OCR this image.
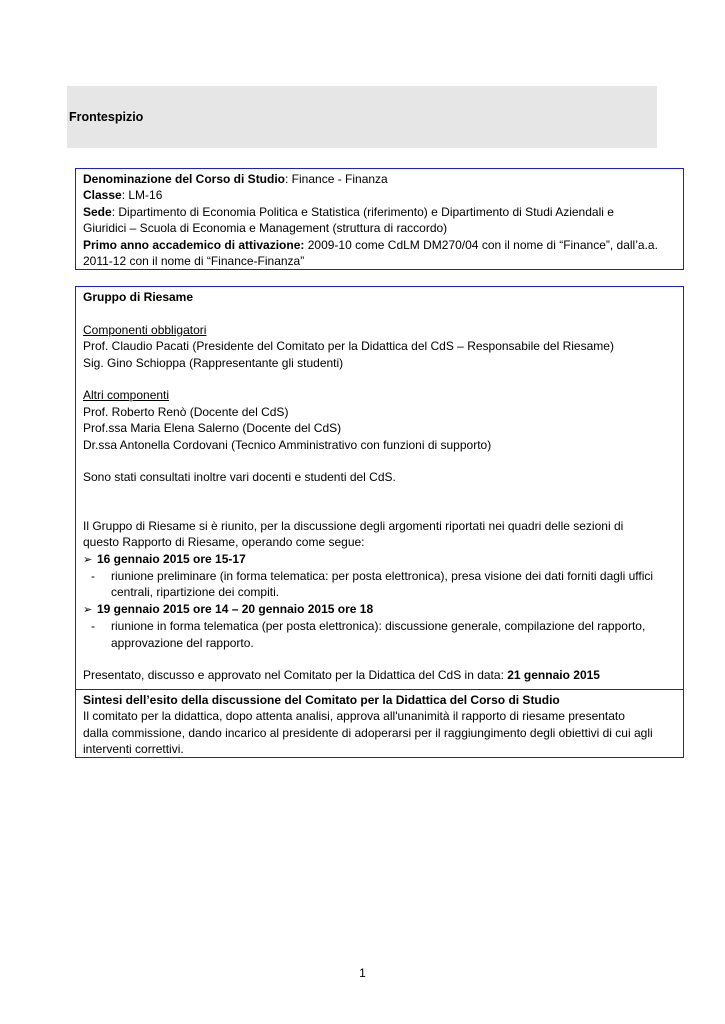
Frontespizio
Denominazione del Corso di Studio: Finance - Finanza
Classe: LM-16
Sede: Dipartimento di Economia Politica e Statistica (riferimento) e Dipartimento di Studi Aziendali e
Giuridici – Scuola di Economia e Management (struttura di raccordo)
Primo anno accademico di attivazione: 2009-10 come CdLM DM270/04 con il nome di “Finance”, dall’a.a.
2011-12 con il nome di “Finance-Finanza”
Gruppo di Riesame
Componenti obbligatori
Prof. Claudio Pacati (Presidente del Comitato per la Didattica del CdS – Responsabile del Riesame)
Sig. Gino Schioppa (Rappresentante gli studenti)
Altri componenti
Prof. Roberto Renò (Docente del CdS)
Prof.ssa Maria Elena Salerno (Docente del CdS)
Dr.ssa Antonella Cordovani (Tecnico Amministrativo con funzioni di supporto)
Sono stati consultati inoltre vari docenti e studenti del CdS.
Il Gruppo di Riesame si è riunito, per la discussione degli argomenti riportati nei quadri delle sezioni di
questo Rapporto di Riesame, operando come segue:
➢ 16 gennaio 2015 ore 15-17
-	riunione preliminare (in forma telematica: per posta elettronica), presa visione dei dati forniti dagli uffici
centrali, ripartizione dei compiti.
➢ 19 gennaio 2015 ore 14 – 20 gennaio 2015 ore 18
-	riunione in forma telematica (per posta elettronica): discussione generale, compilazione del rapporto,
approvazione del rapporto.
Presentato, discusso e approvato nel Comitato per la Didattica del CdS in data: 21 gennaio 2015
Sintesi dell’esito della discussione del Comitato per la Didattica del Corso di Studio
Il comitato per la didattica, dopo attenta analisi, approva all'unanimità il rapporto di riesame presentato
dalla commissione, dando incarico al presidente di adoperarsi per il raggiungimento degli obiettivi di cui agli
interventi correttivi.
1
